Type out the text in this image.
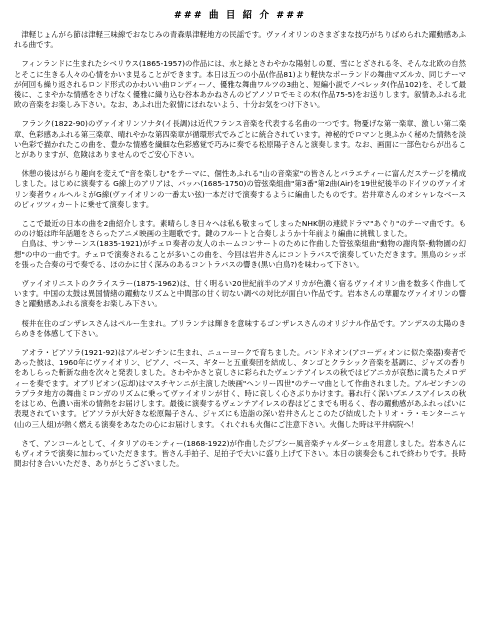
### 曲 目 紹 介 ###

　津軽じょんがら節は津軽三味線でおなじみの青森県津軽地方の民謡です。ヴァイオリンのさまざまな技巧がちりばめられた躍動感あふれる曲です。

　フィンランドに生まれたシベリウス(1865-1957)の作品には、水と緑とさわやかな陽射しの夏、雪にとざされる冬、そんな北欧の自然とそこに生きる人々の心情をかいま見ることができます。本日は五つの小品(作品81)より軽快なポーランドの舞曲マズルカ、同じテーマが何回も繰り返されるロンド形式のかわいい曲ロンディーノ、優雅な舞曲ワルツの3曲と、短編小説でノベレッタ(作品102)を、そして最後に、こまやかな情感をさりげなく優雅に織り込む谷本あかねさんのピアノソロでモミの木(作品75-5)をお送りします。叙情あふれる北欧の音楽をお楽しみ下さい。なお、あふれ出た叙情にほれないよう、十分お気をつけ下さい。

　フランク(1822-90)のヴァイオリンソナタ(イ長調)は近代フランス音楽を代表する名曲の一つです。物憂げな第一楽章、激しい第二楽章、色彩感あふれる第三楽章、晴れやかな第四楽章が循環形式でみごとに統合されています。神秘的でロマンと奥ふかく秘めた情熱を淡い色彩で描かれたこの曲を、豊かな情感を繊細な色彩感覚で巧みに奏でる松原陽子さんと演奏します。なお、画面に一部色むらが出ることがありますが、危険はありませんのでご安心下さい。

　休憩の後はがらり趣向を変えて"音を楽しむ"をテーマに、個性あふれる"山の音楽家"の皆さんとバラエティーに富んだステージを構成しました。はじめに演奏する G線上のアリアは、バッハ(1685-1750)の管弦楽組曲"第3番"第2曲(Air)を19世紀後半のドイツのヴァイオリン奏者ウィルヘルミがG線(ヴァイオリンの一番太い弦)一本だけで演奏するように編曲したものです。岩井章さんのオシャレなベースのピィツツィカートに乗せて演奏します。

　ここで最近の日本の曲を2曲紹介します。素晴らしき日々へは私も敬まってしまったNHK朝の連続ドラマ"あぐり"のテーマ曲です。もののけ姫は昨年話題をさらったアニメ映画の主題歌です。鍵のフルートと合奏しようか十年前より編曲に挑戦しました。
　白鳥は、サンサーンス(1835-1921)がチェロ奏者の友人のホームコンサートのために作曲した管弦楽組曲"動物の謝肉祭-動物園の幻想"の中の一曲です。チェロで演奏されることが多いこの曲を、今回は岩井さんにコントラバスで演奏していただきます。黒鳥のシッポを張った合奏の弓で奏でる、ほのかに甘く深みのあるコントラバスの響き(黒い白鳥?)を味わって下さい。

　ヴァイオリニストのクライスラー(1875-1962)は、甘く明るい20世紀前半のアメリカが色濃く宿るヴァイオリン曲を数多く作曲しています。中国の太鼓は異国情緒の躍動なリズムと中間部の甘く切ない調べの対比が面白い作品です。岩本さんの華麗なヴァイオリンの響きと躍動感あふれる演奏をお楽しみ下さい。

　桜井在住のゴンザレスさんはペルー生まれ。ブリランテは輝きを意味するゴンザレスさんのオリジナル作品です。アンデスの太陽のきらめきを体感して下さい。

　アオラ・ピアソラ(1921-92)はアルゼンチンに生まれ、ニューヨークで育ちました。バンドネオン(アコーディオンに似た楽器)奏者であった彼は、1960年にヴァイオリン、ピアノ、ベース、ギターと五重奏団を結成し、タンゴとクラシック音楽を基調に、ジャズの香りをあしらった斬新な曲を次々と発表しました。さわやかさと哀しさに彩られたヴェンテアイレスの秋ではピアニカが哀愁に満ちたメロディーを奏でます。オブリビオン(忘却)はマスチヤンニが主演した映画"ヘンリー四世"のテーマ曲として作曲されました。アルゼンチンのラプラタ地方の舞曲ミロンガのリズムに乗ってヴァイオリンが甘く、時に哀しく心さぶりかけます。暮れ行く深いブエノスアイレスの秋をはじめ、色濃い南米の情熱をお届けします。最後に演奏するヴェンテアイレスの春はどこまでも明るく、春の躍動感があふれっぱいに表現されています。ピアソラが大好きな松原陽子さん、ジャズにも造詣の深い岩井さんとこのたび結成したトリオ・ラ・モンターニャ(山の三人組)が熱く燃える演奏をあなたの心にお届けします。くれぐれも火傷にご注意下さい。火傷した時は平井病院へ！

　さて、アンコールとして、イタリアのモンティー(1868-1922)が作曲したジプシー風音楽チャルダーシュを用意しました。岩本さんにもヴィオラで演奏に加わっていただきます。皆さん手拍子、足拍子で大いに盛り上げて下さい。本日の演奏会もこれで終わりです。長時間お付き合いいただき、ありがとうございました。
